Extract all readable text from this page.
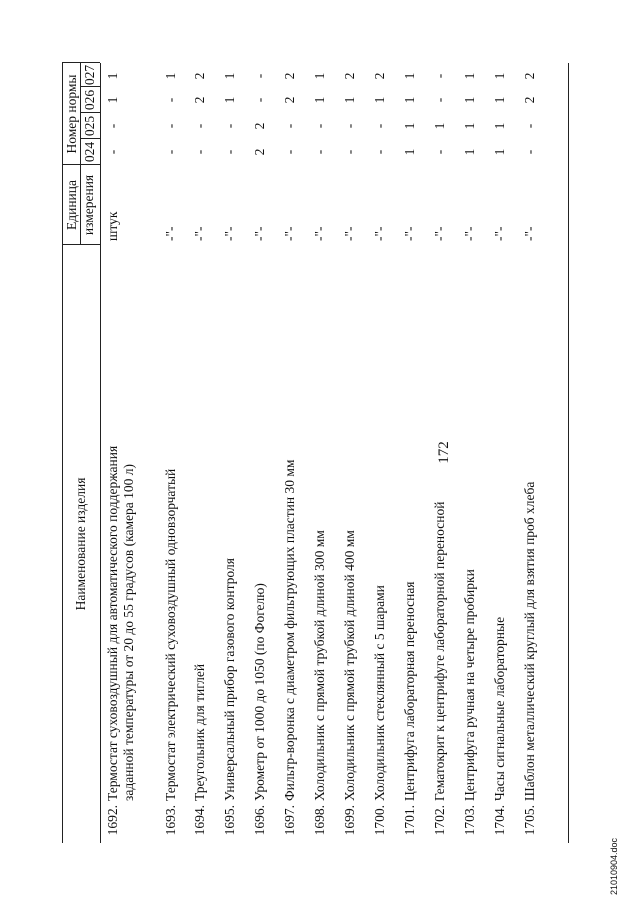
172
Наименование изделия
Единица измерения
Номер нормы 024
025
026
027
1692.
Термостат суховоздушный для автоматического поддержания заданной температуры от 20 до 55 градусов (камера 100 л)
штук
-
-
1
1
1693.
Термостат электрический суховоздушный одновзорчатый
-"-
-
-
-
1
1694.
Треугольник для тиглей
-"-
-
-
2
2
1695.
Универсальный прибор газового контроля
-"-
-
-
1
1
1696.
Урометр от 1000 до 1050 (по Фогелю)
-"-
2
2
-
-
1697.
Фильтр-воронка с диаметром фильтрующих пластин 30 мм
-"-
-
-
2
2
1698.
Холодильник с прямой трубкой длиной 300 мм
-"-
-
-
1
1
1699.
Холодильник с прямой трубкой длиной 400 мм
-"-
-
-
1
2
1700.
Холодильник стеклянный с 5 шарами
-"-
-
-
1
2
1701.
Центрифуга лабораторная переносная
-"-
1
1
1
1
1702.
Гематокрит к центрифуге лабораторной переносной
-"-
-
1
-
-
1703.
Центрифуга ручная на четыре пробирки
-"-
1
1
1
1
1704.
Часы сигнальные лабораторные
-"-
1
1
1
1
1705.
Шаблон металлический круглый для взятия проб хлеба
-"-
-
-
2
2
21010904.doc
